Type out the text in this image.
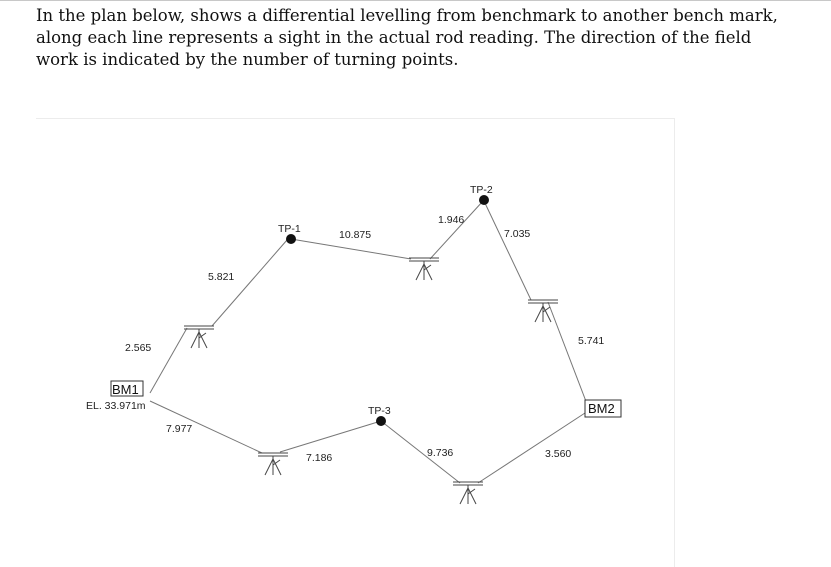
In the plan below, shows a differential levelling from benchmark to another bench mark, along each line represents a sight in the actual rod reading. The direction of the field work is indicated by the number of turning points.

TP-1
TP-2
TP-3
BM1
EL. 33.971m	BM2
2.565
5.821
10.875
1.946
7.035
5.741
7.977
7.186	9.736	3.560
